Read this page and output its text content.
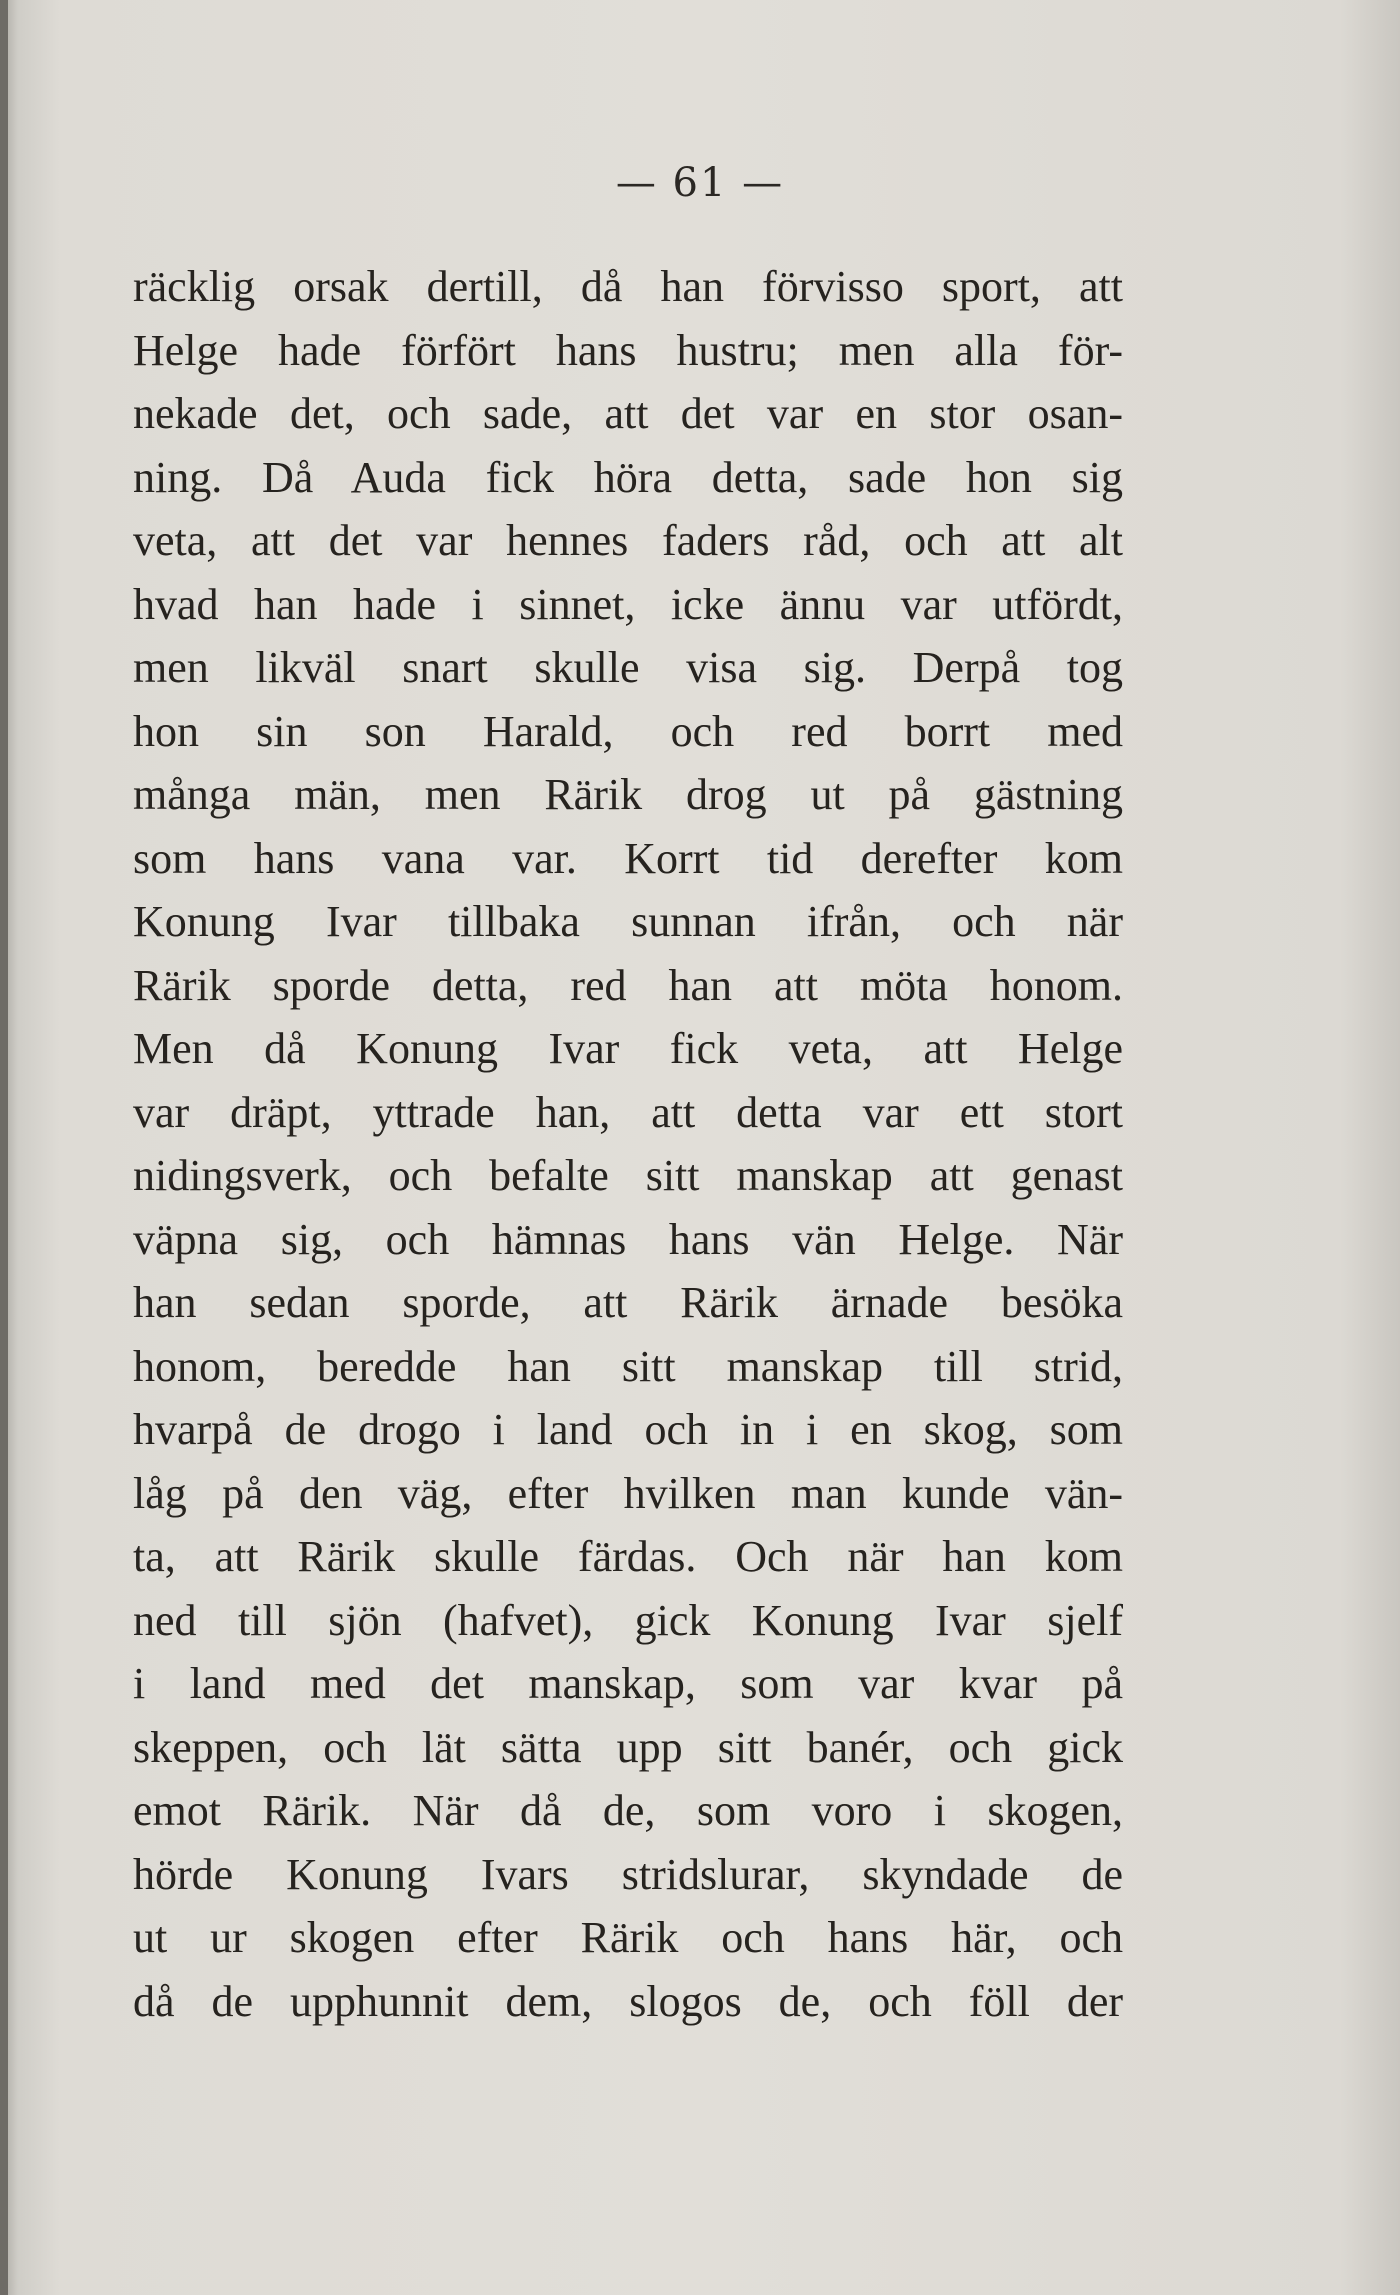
— 61 —
räcklig orsak dertill, då han förvisso sport, att
Helge hade förfört hans hustru; men alla för-
nekade det, och sade, att det var en stor osan-
ning. Då Auda fick höra detta, sade hon sig
veta, att det var hennes faders råd, och att alt
hvad han hade i sinnet, icke ännu var utfördt,
men likväl snart skulle visa sig. Derpå tog
hon sin son Harald, och red borrt med
många män, men Rärik drog ut på gästning
som hans vana var. Korrt tid derefter kom
Konung Ivar tillbaka sunnan ifrån, och när
Rärik sporde detta, red han att möta honom.
Men då Konung Ivar fick veta, att Helge
var dräpt, yttrade han, att detta var ett stort
nidingsverk, och befalte sitt manskap att genast
väpna sig, och hämnas hans vän Helge. När
han sedan sporde, att Rärik ärnade besöka
honom, beredde han sitt manskap till strid,
hvarpå de drogo i land och in i en skog, som
låg på den väg, efter hvilken man kunde vän-
ta, att Rärik skulle färdas. Och när han kom
ned till sjön (hafvet), gick Konung Ivar sjelf
i land med det manskap, som var kvar på
skeppen, och lät sätta upp sitt banér, och gick
emot Rärik. När då de, som voro i skogen,
hörde Konung Ivars stridslurar, skyndade de
ut ur skogen efter Rärik och hans här, och
då de upphunnit dem, slogos de, och föll der
